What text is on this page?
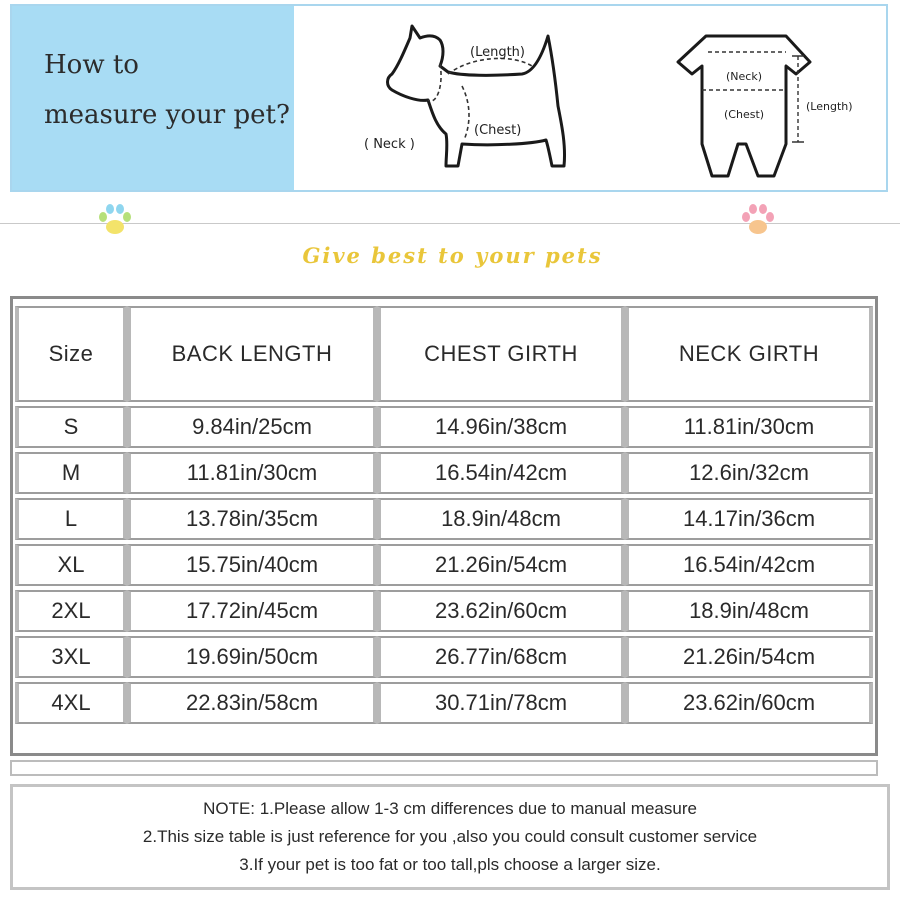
How to
measure your pet?
(Length)
( Neck )
(Chest)
(Neck)
(Chest)
(Length)
Give best to your pets
Size	BACK LENGTH	CHEST GIRTH	NECK GIRTH
S	9.84in/25cm	14.96in/38cm	11.81in/30cm
M	11.81in/30cm	16.54in/42cm	12.6in/32cm
L	13.78in/35cm	18.9in/48cm	14.17in/36cm
XL	15.75in/40cm	21.26in/54cm	16.54in/42cm
2XL	17.72in/45cm	23.62in/60cm	18.9in/48cm
3XL	19.69in/50cm	26.77in/68cm	21.26in/54cm
4XL	22.83in/58cm	30.71in/78cm	23.62in/60cm
NOTE: 1.Please allow 1-3 cm differences due to manual measure
2.This size table is just reference for you ,also you could consult customer service
3.If your pet is too fat or too tall,pls choose a larger size.
